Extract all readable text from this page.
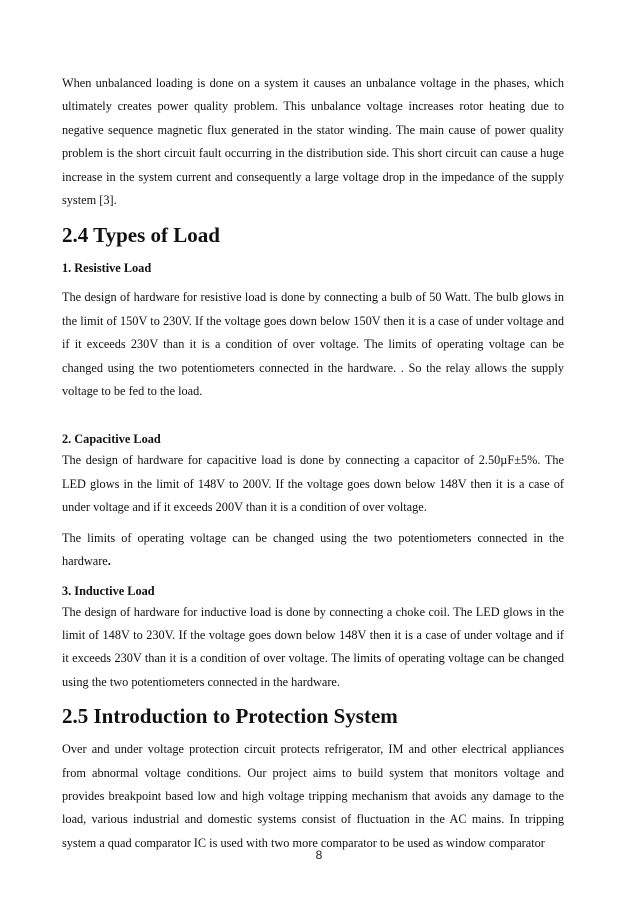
When unbalanced loading is done on a system it causes an unbalance voltage in the phases, which ultimately creates power quality problem. This unbalance voltage increases rotor heating due to negative sequence magnetic flux generated in the stator winding. The main cause of power quality problem is the short circuit fault occurring in the distribution side. This short circuit can cause a huge increase in the system current and consequently a large voltage drop in the impedance of the supply system [3].

2.4 Types of Load
1. Resistive Load

The design of hardware for resistive load is done by connecting a bulb of 50 Watt. The bulb glows in the limit of 150V to 230V. If the voltage goes down below 150V then it is a case of under voltage and if it exceeds 230V than it is a condition of over voltage. The limits of operating voltage can be changed using the two potentiometers connected in the hardware. . So the relay allows the supply voltage to be fed to the load.

2. Capacitive Load

The design of hardware for capacitive load is done by connecting a capacitor of 2.50µF±5%. The LED glows in the limit of 148V to 200V. If the voltage goes down below 148V then it is a case of under voltage and if it exceeds 200V than it is a condition of over voltage.

The limits of operating voltage can be changed using the two potentiometers connected in the hardware.

3. Inductive Load

The design of hardware for inductive load is done by connecting a choke coil. The LED glows in the limit of 148V to 230V. If the voltage goes down below 148V then it is a case of under voltage and if it exceeds 230V than it is a condition of over voltage. The limits of operating voltage can be changed using the two potentiometers connected in the hardware.

2.5 Introduction to Protection System

Over and under voltage protection circuit protects refrigerator, IM and other electrical appliances from abnormal voltage conditions. Our project aims to build system that monitors voltage and provides breakpoint based low and high voltage tripping mechanism that avoids any damage to the load, various industrial and domestic systems consist of fluctuation in the AC mains. In tripping system a quad comparator IC is used with two more comparator to be used as window comparator

8
